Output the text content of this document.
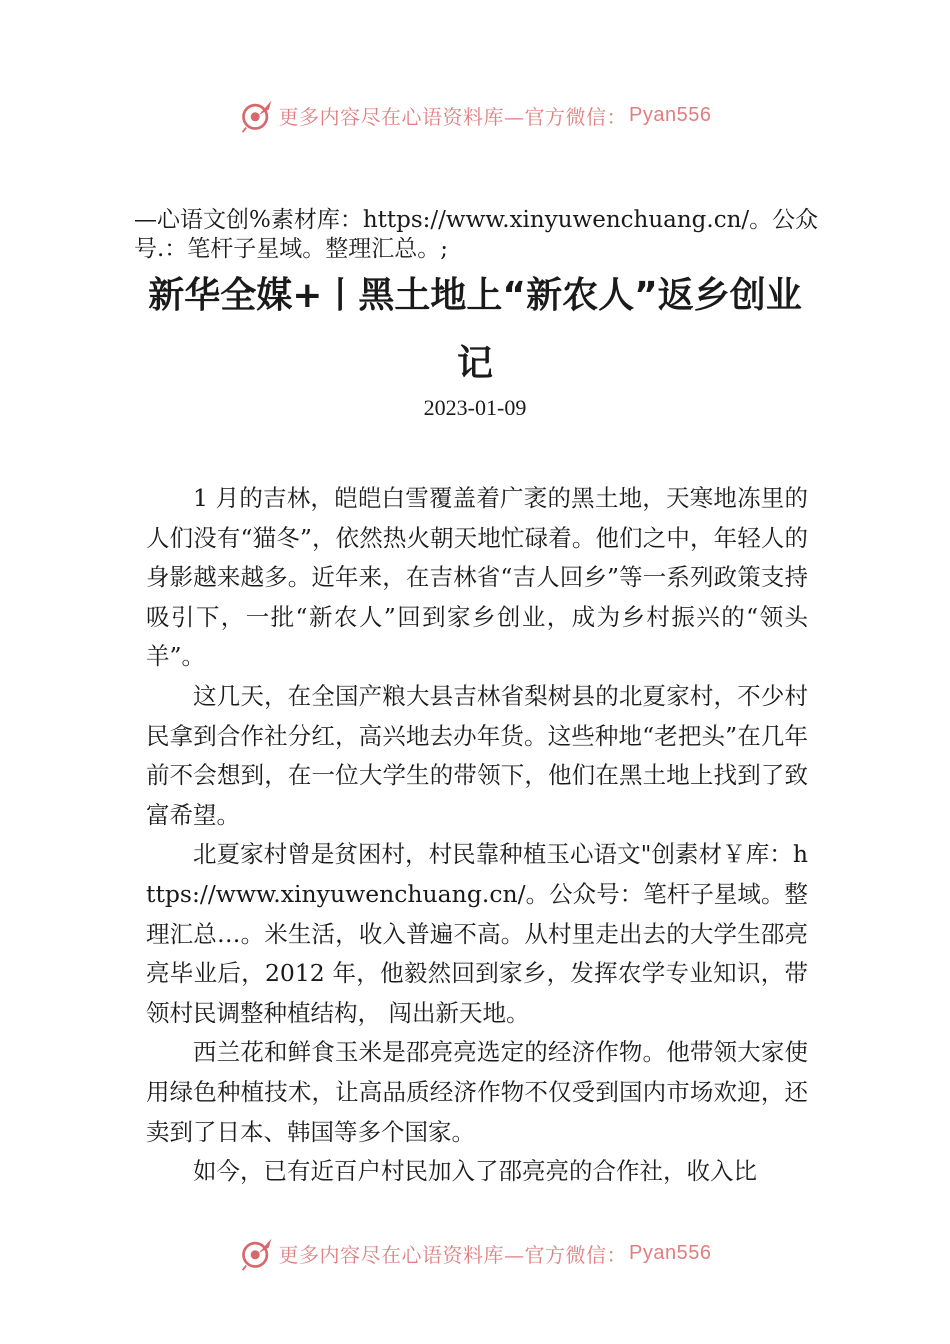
更多内容尽在心语资料库—官方微信： Pyan556

—心语文创%素材库：https://www.xinyuwenchuang.cn/。公众号.：笔杆子星域。整理汇总。;

新华全媒+丨黑土地上“新农人”返乡创业记
2023-01-09

1 月的吉林，皑皑白雪覆盖着广袤的黑土地，天寒地冻里的人们没有“猫冬”，依然热火朝天地忙碌着。他们之中，年轻人的身影越来越多。近年来，在吉林省“吉人回乡”等一系列政策支持吸引下，一批“新农人”回到家乡创业，成为乡村振兴的“领头羊”。

这几天，在全国产粮大县吉林省梨树县的北夏家村，不少村民拿到合作社分红，高兴地去办年货。这些种地“老把头”在几年前不会想到，在一位大学生的带领下，他们在黑土地上找到了致富希望。

北夏家村曾是贫困村，村民靠种植玉心语文"创素材￥库：https://www.xinyuwenchuang.cn/。公众号：笔杆子星域。整理汇总…。米生活，收入普遍不高。从村里走出去的大学生邵亮亮毕业后，2012 年，他毅然回到家乡，发挥农学专业知识，带领村民调整种植结构， 闯出新天地。

西兰花和鲜食玉米是邵亮亮选定的经济作物。他带领大家使用绿色种植技术，让高品质经济作物不仅受到国内市场欢迎，还卖到了日本、韩国等多个国家。

如今，已有近百户村民加入了邵亮亮的合作社，收入比

更多内容尽在心语资料库—官方微信： Pyan556
